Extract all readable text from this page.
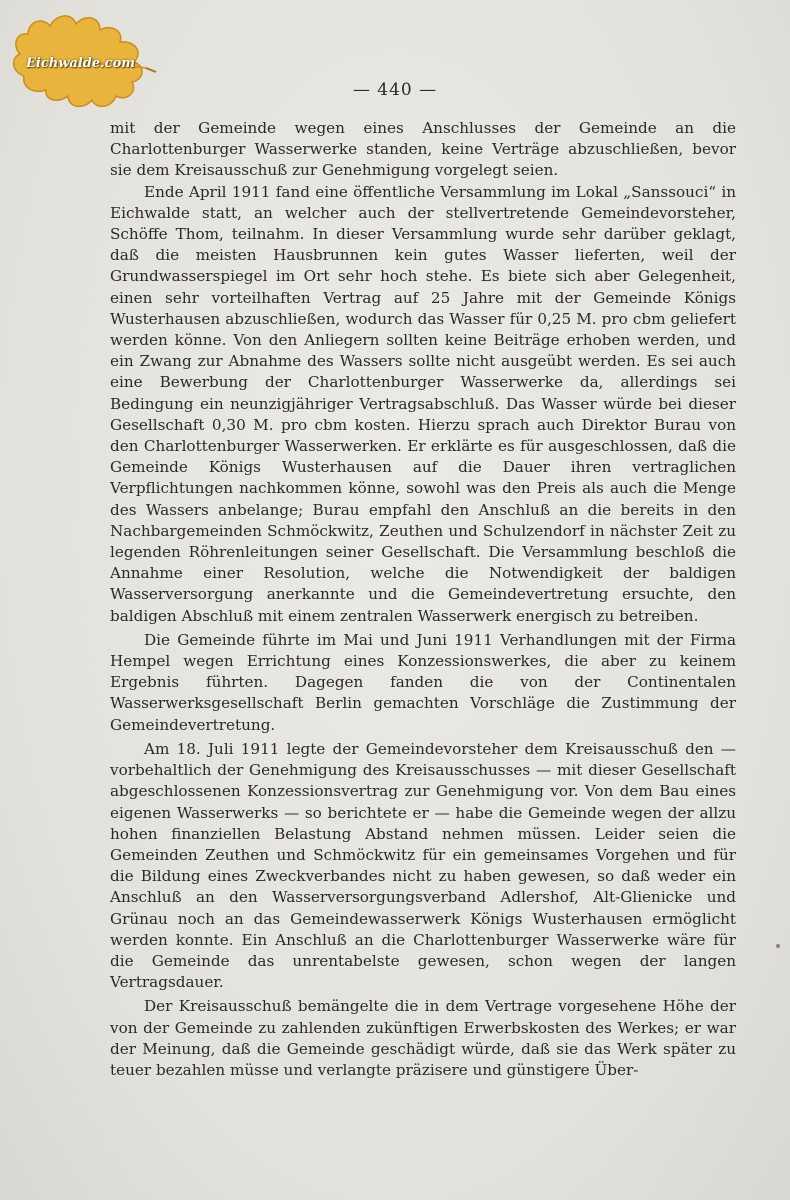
Eichwalde.com
— 440 —

mit der Gemeinde wegen eines Anschlusses der Gemeinde an die Charlottenburger Wasserwerke standen, keine Verträge abzuschließen, bevor sie dem Kreisausschuß zur Genehmigung vorgelegt seien.

Ende April 1911 fand eine öffentliche Versammlung im Lokal „Sanssouci“ in Eichwalde statt, an welcher auch der stellvertretende Gemeindevorsteher, Schöffe Thom, teilnahm. In dieser Versammlung wurde sehr darüber geklagt, daß die meisten Hausbrunnen kein gutes Wasser lieferten, weil der Grundwasserspiegel im Ort sehr hoch stehe. Es biete sich aber Gelegenheit, einen sehr vorteilhaften Vertrag auf 25 Jahre mit der Gemeinde Königs Wusterhausen abzuschließen, wodurch das Wasser für 0,25 M. pro cbm geliefert werden könne. Von den Anliegern sollten keine Beiträge erhoben werden, und ein Zwang zur Abnahme des Wassers sollte nicht ausgeübt werden. Es sei auch eine Bewerbung der Charlottenburger Wasserwerke da, allerdings sei Bedingung ein neunzigjähriger Vertragsabschluß. Das Wasser würde bei dieser Gesellschaft 0,30 M. pro cbm kosten. Hierzu sprach auch Direktor Burau von den Charlottenburger Wasserwerken. Er erklärte es für ausgeschlossen, daß die Gemeinde Königs Wusterhausen auf die Dauer ihren vertraglichen Verpflichtungen nachkommen könne, sowohl was den Preis als auch die Menge des Wassers anbelange; Burau empfahl den Anschluß an die bereits in den Nachbargemeinden Schmöckwitz, Zeuthen und Schulzendorf in nächster Zeit zu legenden Röhrenleitungen seiner Gesellschaft. Die Versammlung beschloß die Annahme einer Resolution, welche die Notwendigkeit der baldigen Wasserversorgung anerkannte und die Gemeindevertretung ersuchte, den baldigen Abschluß mit einem zentralen Wasserwerk energisch zu betreiben.

Die Gemeinde führte im Mai und Juni 1911 Verhandlungen mit der Firma Hempel wegen Errichtung eines Konzessionswerkes, die aber zu keinem Ergebnis führten. Dagegen fanden die von der Continentalen Wasserwerksgesellschaft Berlin gemachten Vorschläge die Zustimmung der Gemeindevertretung.

Am 18. Juli 1911 legte der Gemeindevorsteher dem Kreisausschuß den — vorbehaltlich der Genehmigung des Kreisausschusses — mit dieser Gesellschaft abgeschlossenen Konzessionsvertrag zur Genehmigung vor. Von dem Bau eines eigenen Wasserwerks — so berichtete er — habe die Gemeinde wegen der allzu hohen finanziellen Belastung Abstand nehmen müssen. Leider seien die Gemeinden Zeuthen und Schmöckwitz für ein gemeinsames Vorgehen und für die Bildung eines Zweckverbandes nicht zu haben gewesen, so daß weder ein Anschluß an den Wasserversorgungsverband Adlershof, Alt-Glienicke und Grünau noch an das Gemeindewasserwerk Königs Wusterhausen ermöglicht werden konnte. Ein Anschluß an die Charlottenburger Wasserwerke wäre für die Gemeinde das unrentabelste gewesen, schon wegen der langen Vertragsdauer.

Der Kreisausschuß bemängelte die in dem Vertrage vorgesehene Höhe der von der Gemeinde zu zahlenden zukünftigen Erwerbskosten des Werkes; er war der Meinung, daß die Gemeinde geschädigt würde, daß sie das Werk später zu teuer bezahlen müsse und verlangte präzisere und günstigere Über-
